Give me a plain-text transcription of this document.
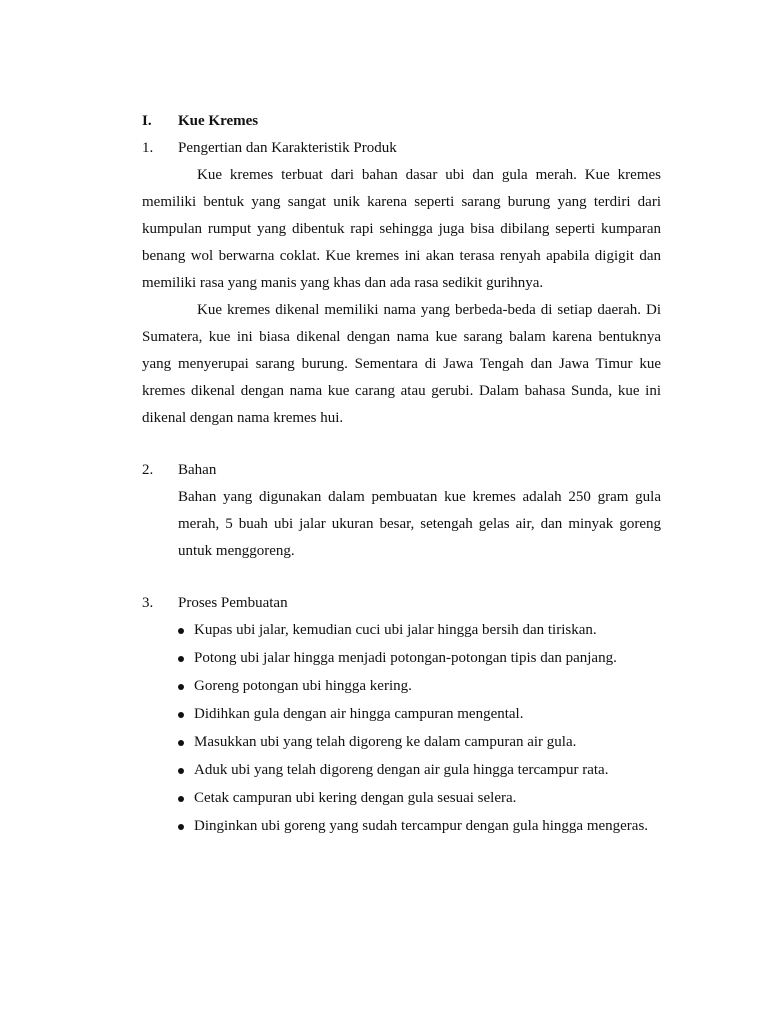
I. Kue Kremes
1. Pengertian dan Karakteristik Produk

Kue kremes terbuat dari bahan dasar ubi dan gula merah. Kue kremes memiliki bentuk yang sangat unik karena seperti sarang burung yang terdiri dari kumpulan rumput yang dibentuk rapi sehingga juga bisa dibilang seperti kumparan benang wol berwarna coklat. Kue kremes ini akan terasa renyah apabila digigit dan memiliki rasa yang manis yang khas dan ada rasa sedikit gurihnya.

Kue kremes dikenal memiliki nama yang berbeda-beda di setiap daerah. Di Sumatera, kue ini biasa dikenal dengan nama kue sarang balam karena bentuknya yang menyerupai sarang burung. Sementara di Jawa Tengah dan Jawa Timur kue kremes dikenal dengan nama kue carang atau gerubi. Dalam bahasa Sunda, kue ini dikenal dengan nama kremes hui.

2. Bahan

Bahan yang digunakan dalam pembuatan kue kremes adalah 250 gram gula merah, 5 buah ubi jalar ukuran besar, setengah gelas air, dan minyak goreng untuk menggoreng.

3. Proses Pembuatan
Kupas ubi jalar, kemudian cuci ubi jalar hingga bersih dan tiriskan.
Potong ubi jalar hingga menjadi potongan-potongan tipis dan panjang.
Goreng potongan ubi hingga kering.
Didihkan gula dengan air hingga campuran mengental.
Masukkan ubi yang telah digoreng ke dalam campuran air gula.
Aduk ubi yang telah digoreng dengan air gula hingga tercampur rata.
Cetak campuran ubi kering dengan gula sesuai selera.
Dinginkan ubi goreng yang sudah tercampur dengan gula hingga mengeras.
